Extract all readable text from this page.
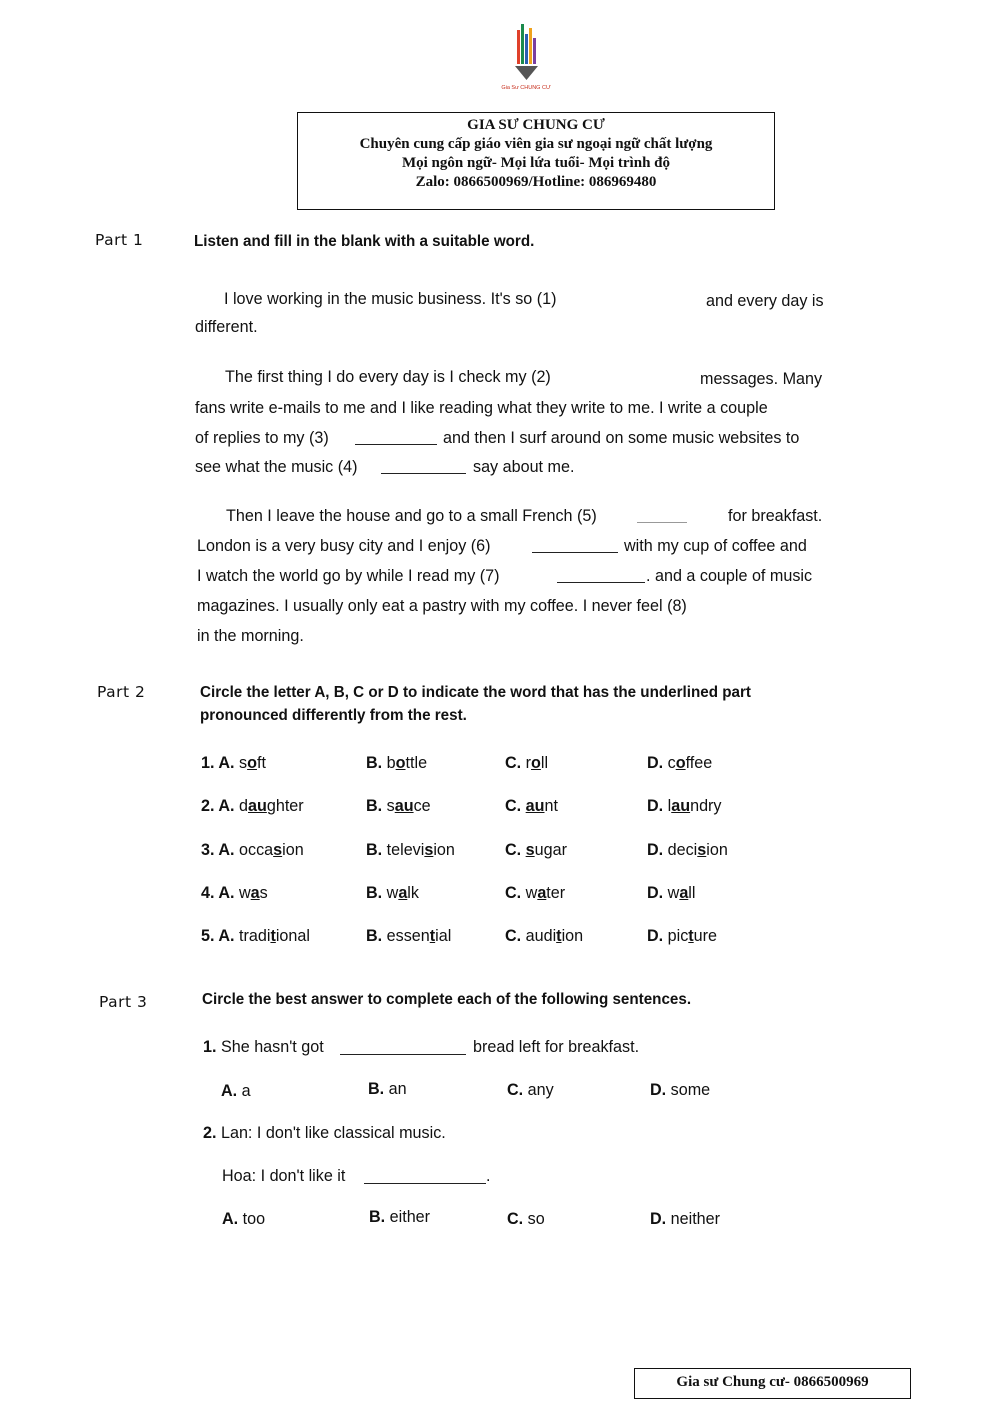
Gia Sư CHUNG CƯ
GIA SƯ CHUNG CƯ
Chuyên cung cấp giáo viên gia sư ngoại ngữ chất lượng
Mọi ngôn ngữ- Mọi lứa tuổi- Mọi trình độ
Zalo: 0866500969/Hotline: 086969480
Part 1	Listen and fill in the blank with a suitable word.
I love working in the music business. It's so (1)	and every day is
different.
The first thing I do every day is I check my (2)	messages. Many
fans write e-mails to me and I like reading what they write to me. I write a couple
of replies to my (3)	and then I surf around on some music websites to
see what the music (4)	say about me.
Then I leave the house and go to a small French (5)	for breakfast.
London is a very busy city and I enjoy (6)	with my cup of coffee and
I watch the world go by while I read my (7)	. and a couple of music
magazines. I usually only eat a pastry with my coffee. I never feel (8)
in the morning.
Part 2	Circle the letter A, B, C or D to indicate the word that has the underlined part
pronounced differently from the rest.
1. A. soft	B. bottle	C. roll	D. coffee
2. A. daughter	B. sauce	C. aunt	D. laundry
3. A. occasion	B. television	C. sugar	D. decision
4. A. was	B. walk	C. water	D. wall
5. A. traditional	B. essential	C. audition	D. picture
Part 3	Circle the best answer to complete each of the following sentences.
1. She hasn't got	bread left for breakfast.
A. a	B. an	C. any	D. some
2. Lan: I don't like classical music.
Hoa: I don't like it	.
A. too	B. either	C. so	D. neither
Gia sư Chung cư- 0866500969
